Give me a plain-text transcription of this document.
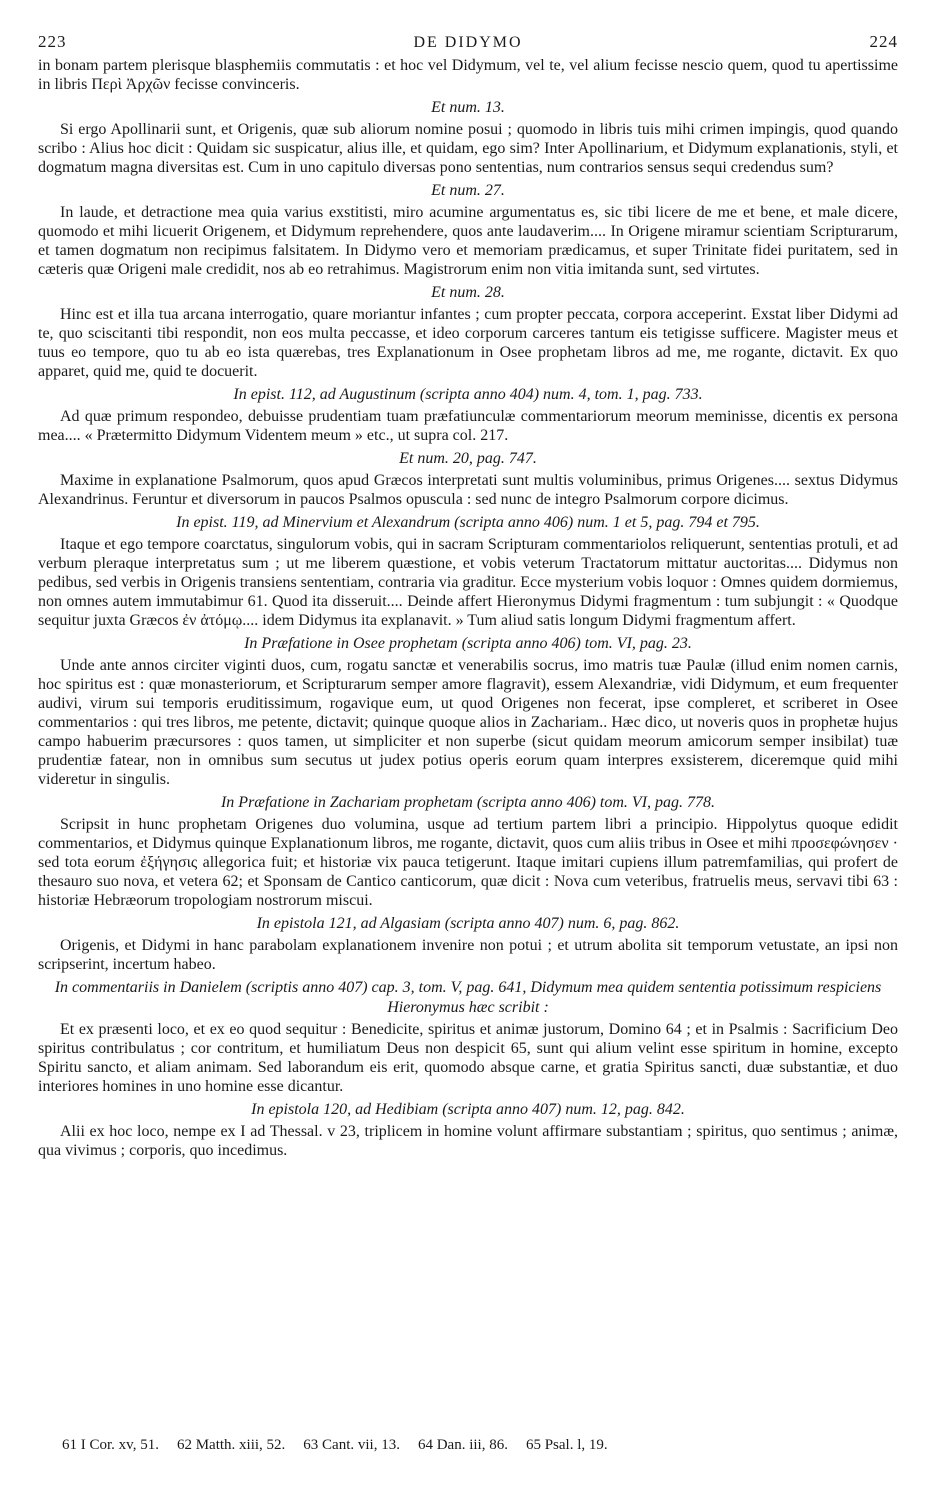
223	DE DIDYMO	224

in bonam partem plerisque blasphemiis commutatis : et hoc vel Didymum, vel te, vel alium fecisse nescio quem, quod tu apertissime in libris Περὶ Ἀρχῶν fecisse convinceris.

Et num. 13.

Si ergo Apollinarii sunt, et Origenis, quæ sub aliorum nomine posui ; quomodo in libris tuis mihi crimen impingis, quod quando scribo : Alius hoc dicit : Quidam sic suspicatur, alius ille, et quidam, ego sim? Inter Apollinarium, et Didymum explanationis, styli, et dogmatum magna diversitas est. Cum in uno capitulo diversas pono sententias, num contrarios sensus sequi credendus sum?

Et num. 27.

In laude, et detractione mea quia varius exstitisti, miro acumine argumentatus es, sic tibi licere de me et bene, et male dicere, quomodo et mihi licuerit Origenem, et Didymum reprehendere, quos ante laudaverim.... In Origene miramur scientiam Scripturarum, et tamen dogmatum non recipimus falsitatem. In Didymo vero et memoriam prædicamus, et super Trinitate fidei puritatem, sed in cæteris quæ Origeni male credidit, nos ab eo retrahimus. Magistrorum enim non vitia imitanda sunt, sed virtutes.

Et num. 28.

Hinc est et illa tua arcana interrogatio, quare moriantur infantes ; cum propter peccata, corpora acceperint. Exstat liber Didymi ad te, quo sciscitanti tibi respondit, non eos multa peccasse, et ideo corporum carceres tantum eis tetigisse sufficere. Magister meus et tuus eo tempore, quo tu ab eo ista quærebas, tres Explanationum in Osee prophetam libros ad me, me rogante, dictavit. Ex quo apparet, quid me, quid te docuerit.

In epist. 112, ad Augustinum (scripta anno 404) num. 4, tom. 1, pag. 733.

Ad quæ primum respondeo, debuisse prudentiam tuam præfatiunculæ commentariorum meorum meminisse, dicentis ex persona mea.... « Prætermitto Didymum Videntem meum » etc., ut supra col. 217.

Et num. 20, pag. 747.

Maxime in explanatione Psalmorum, quos apud Græcos interpretati sunt multis voluminibus, primus Origenes.... sextus Didymus Alexandrinus. Feruntur et diversorum in paucos Psalmos opuscula : sed nunc de integro Psalmorum corpore dicimus.

In epist. 119, ad Minervium et Alexandrum (scripta anno 406) num. 1 et 5, pag. 794 et 795.

Itaque et ego tempore coarctatus, singulorum vobis, qui in sacram Scripturam commentariolos reliquerunt, sententias protuli, et ad verbum pleraque interpretatus sum ; ut me liberem quæstione, et vobis veterum Tractatorum mittatur auctoritas.... Didymus non pedibus, sed verbis in Origenis transiens sententiam, contraria via graditur. Ecce mysterium vobis loquor : Omnes quidem dormiemus, non omnes autem immutabimur 61. Quod ita disseruit.... Deinde affert Hieronymus Didymi fragmentum : tum subjungit : « Quodque sequitur juxta Græcos ἐν ἀτόμῳ.... idem Didymus ita explanavit. » Tum aliud satis longum Didymi fragmentum affert.

In Præfatione in Osee prophetam (scripta anno 406) tom. VI, pag. 23.

Unde ante annos circiter viginti duos, cum, rogatu sanctæ et venerabilis socrus, imo matris tuæ Paulæ (illud enim nomen carnis, hoc spiritus est : quæ monasteriorum, et Scripturarum semper amore flagravit), essem Alexandriæ, vidi Didymum, et eum frequenter audivi, virum sui temporis eruditissimum, rogavique eum, ut quod Origenes non fecerat, ipse compleret, et scriberet in Osee commentarios : qui tres libros, me petente, dictavit; quinque quoque alios in Zachariam.. Hæc dico, ut noveris quos in prophetæ hujus campo habuerim præcursores : quos tamen, ut simpliciter et non superbe (sicut quidam meorum amicorum semper insibilat) tuæ prudentiæ fatear, non in omnibus sum secutus ut judex potius operis eorum quam interpres exsisterem, diceremque quid mihi videretur in singulis.

In Præfatione in Zachariam prophetam (scripta anno 406) tom. VI, pag. 778.

Scripsit in hunc prophetam Origenes duo volumina, usque ad tertium partem libri a principio. Hippolytus quoque edidit commentarios, et Didymus quinque Explanationum libros, me rogante, dictavit, quos cum aliis tribus in Osee et mihi προσεφώνησεν · sed tota eorum ἐξήγησις allegorica fuit; et historiæ vix pauca tetigerunt. Itaque imitari cupiens illum patremfamilias, qui profert de thesauro suo nova, et vetera 62; et Sponsam de Cantico canticorum, quæ dicit : Nova cum veteribus, fratruelis meus, servavi tibi 63 : historiæ Hebræorum tropologiam nostrorum miscui.

In epistola 121, ad Algasiam (scripta anno 407) num. 6, pag. 862.

Origenis, et Didymi in hanc parabolam explanationem invenire non potui ; et utrum abolita sit temporum vetustate, an ipsi non scripserint, incertum habeo.

In commentariis in Danielem (scriptis anno 407) cap. 3, tom. V, pag. 641, Didymum mea quidem sententia potissimum respiciens Hieronymus hæc scribit :

Et ex præsenti loco, et ex eo quod sequitur : Benedicite, spiritus et animæ justorum, Domino 64 ; et in Psalmis : Sacrificium Deo spiritus contribulatus ; cor contritum, et humiliatum Deus non despicit 65, sunt qui alium velint esse spiritum in homine, excepto Spiritu sancto, et aliam animam. Sed laborandum eis erit, quomodo absque carne, et gratia Spiritus sancti, duæ substantiæ, et duo interiores homines in uno homine esse dicantur.

In epistola 120, ad Hedibiam (scripta anno 407) num. 12, pag. 842.

Alii ex hoc loco, nempe ex I ad Thessal. v 23, triplicem in homine volunt affirmare substantiam ; spiritus, quo sentimus ; animæ, qua vivimus ; corporis, quo incedimus.

61 I Cor. xv, 51. 62 Matth. xiii, 52. 63 Cant. vii, 13. 64 Dan. iii, 86. 65 Psal. l, 19.
